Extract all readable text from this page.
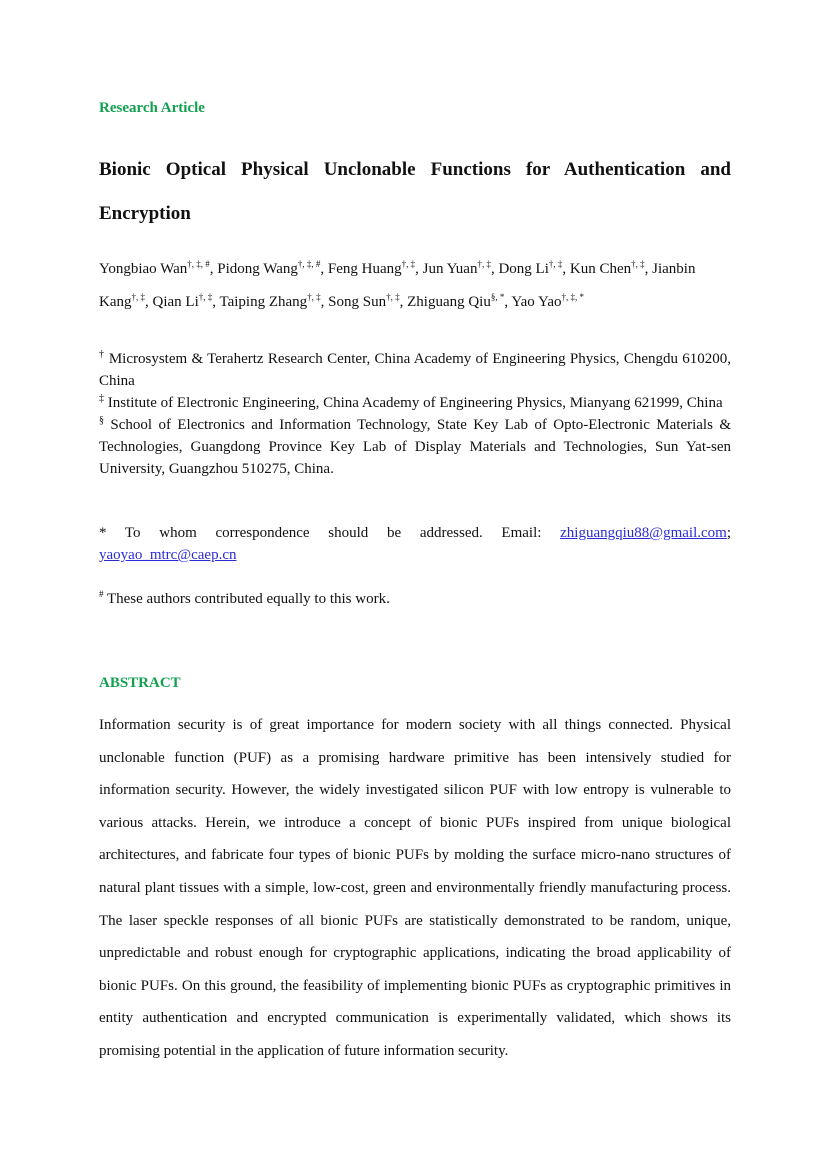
Research Article
Bionic Optical Physical Unclonable Functions for Authentication and Encryption

Yongbiao Wan†, ‡, #, Pidong Wang†, ‡, #, Feng Huang†, ‡, Jun Yuan†, ‡, Dong Li†, ‡, Kun Chen†, ‡, Jianbin Kang†, ‡, Qian Li†, ‡, Taiping Zhang†, ‡, Song Sun†, ‡, Zhiguang Qiu§, *, Yao Yao†, ‡, *

† Microsystem & Terahertz Research Center, China Academy of Engineering Physics, Chengdu 610200, China

‡ Institute of Electronic Engineering, China Academy of Engineering Physics, Mianyang 621999, China

§ School of Electronics and Information Technology, State Key Lab of Opto-Electronic Materials & Technologies, Guangdong Province Key Lab of Display Materials and Technologies, Sun Yat-sen University, Guangzhou 510275, China.

* To whom correspondence should be addressed. Email: zhiguangqiu88@gmail.com; yaoyao_mtrc@caep.cn

# These authors contributed equally to this work.

ABSTRACT

Information security is of great importance for modern society with all things connected. Physical unclonable function (PUF) as a promising hardware primitive has been intensively studied for information security. However, the widely investigated silicon PUF with low entropy is vulnerable to various attacks. Herein, we introduce a concept of bionic PUFs inspired from unique biological architectures, and fabricate four types of bionic PUFs by molding the surface micro-nano structures of natural plant tissues with a simple, low-cost, green and environmentally friendly manufacturing process. The laser speckle responses of all bionic PUFs are statistically demonstrated to be random, unique, unpredictable and robust enough for cryptographic applications, indicating the broad applicability of bionic PUFs. On this ground, the feasibility of implementing bionic PUFs as cryptographic primitives in entity authentication and encrypted communication is experimentally validated, which shows its promising potential in the application of future information security.
